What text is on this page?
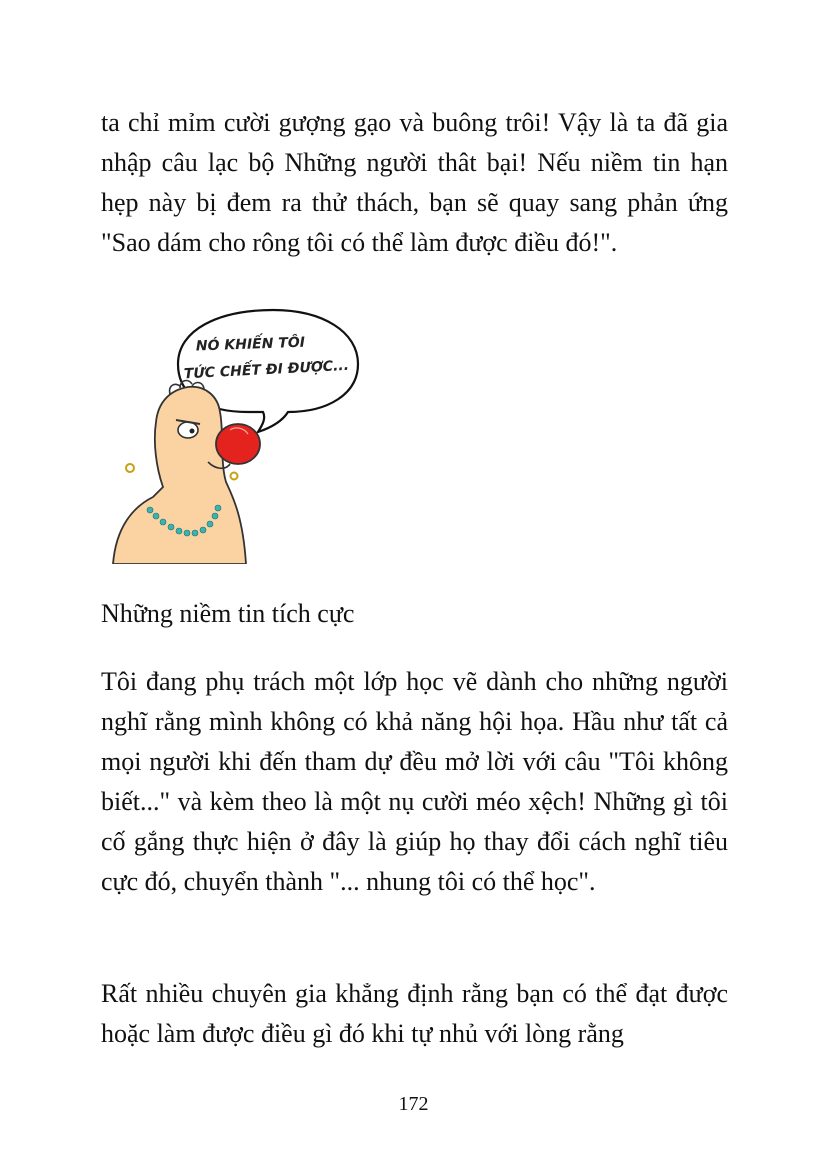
ta chỉ mỉm cười gượng gạo và buông trôi! Vậy là ta đã gia nhập câu lạc bộ Những người thât bại! Nếu niềm tin hạn hẹp này bị đem ra thử thách, bạn sẽ quay sang phản ứng "Sao dám cho rông tôi có thể làm được điều đó!".

NÓ KHIẾN TÔI
TỨC CHẾT ĐI ĐƯỢC...
Những niềm tin tích cực

Tôi đang phụ trách một lớp học vẽ dành cho những người nghĩ rằng mình không có khả năng hội họa. Hầu như tất cả mọi người khi đến tham dự đều mở lời với câu "Tôi không biết..." và kèm theo là một nụ cười méo xệch! Những gì tôi cố gắng thực hiện ở đây là giúp họ thay đổi cách nghĩ tiêu cực đó, chuyển thành "... nhung tôi có thể học".

Rất nhiều chuyên gia khẳng định rằng bạn có thể đạt được hoặc làm được điều gì đó khi tự nhủ với lòng rằng

172
